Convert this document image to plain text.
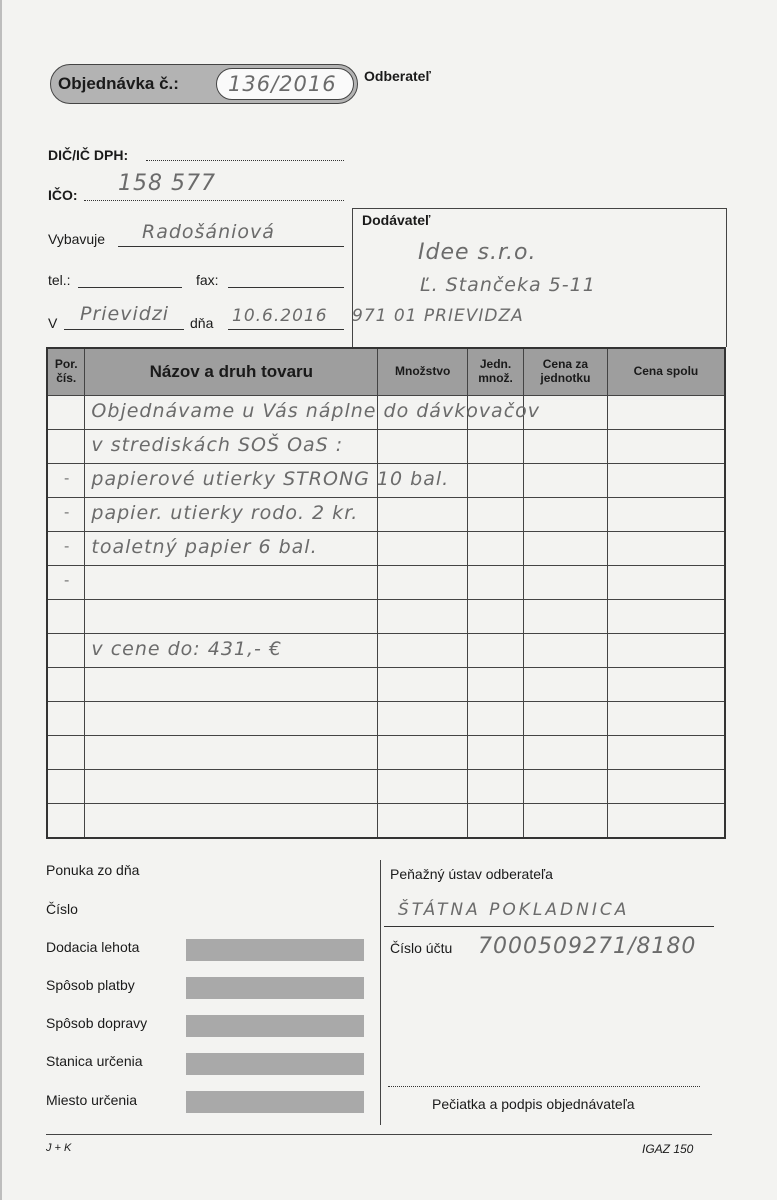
Objednávka č.: 136/2016 Odberateľ
DIČ/IČ DPH:
IČO: 158 577
Vybavuje Radošániová
tel.:	fax:
V Prievidzi dňa 10.6.2016
Dodávateľ
Idee s.r.o.
Ľ. Stančeka 5-11
971 01 PRIEVIDZA
Por. čís.	Názov a druh tovaru	Množstvo	Jedn. množ.	Cena za jednotku	Cena spolu

	Objednávame u Vás náplne do dávkovačov				

	v strediskách SOŠ OaS :				

-	papierové utierky STRONG 10 bal.				

-	papier. utierky rodo. 2 kr.				

-	toaletný papier 6 bal.				

-					

	v cene do: 431,- €				

Ponuka zo dňa
Číslo
Dodacia lehota
Spôsob platby
Spôsob dopravy
Stanica určenia
Miesto určenia
Peňažný ústav odberateľa
ŠTÁTNA POKLADNICA
Číslo účtu 7000509271/8180
Pečiatka a podpis objednávateľa
J + K	IGAZ 150
